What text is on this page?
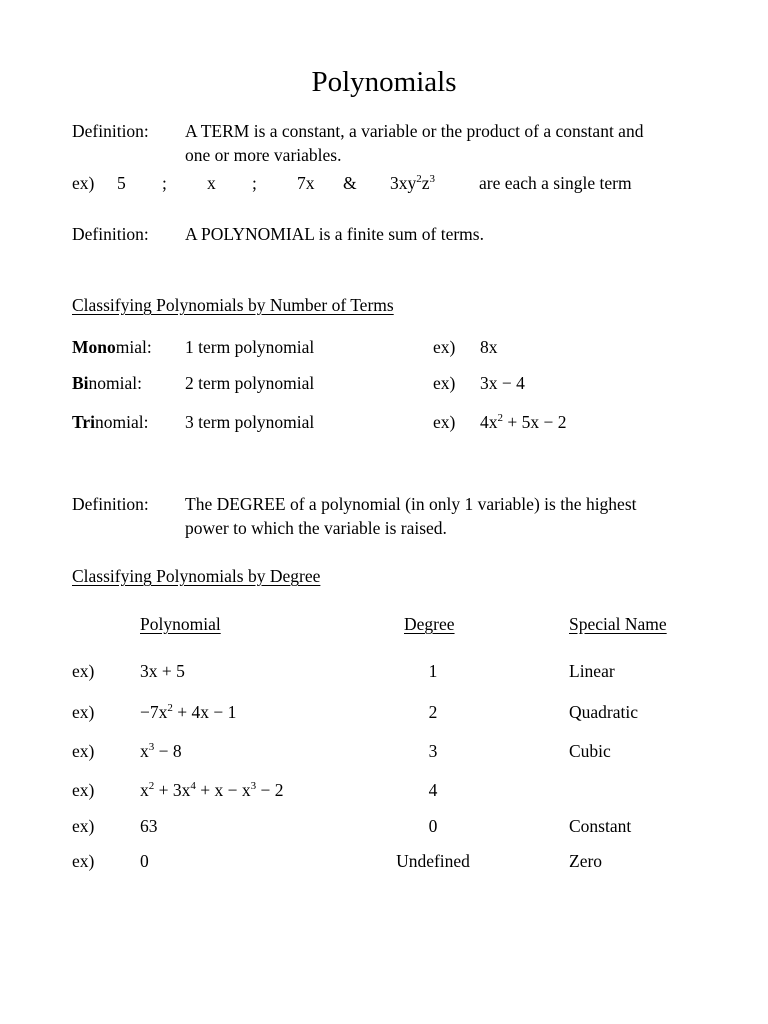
Polynomials
Definition: A TERM is a constant, a variable or the product of a constant and
one or more variables.
ex) 5 ; x ; 7x & $3xy^2z^3$	are each a single term
Definition: A POLYNOMIAL is a finite sum of terms.
Classifying Polynomials by Number of Terms
Monomial: 1 term polynomial	ex) 8x
Binomial: 2 term polynomial	ex) 3x − 4
Trinomial: 3 term polynomial	ex) $4x^2 + 5x - 2$
Definition: The DEGREE of a polynomial (in only 1 variable) is the highest
power to which the variable is raised.
Classifying Polynomials by Degree
Polynomial	Degree	Special Name
ex)	3x + 5	1	Linear
ex)	$-7x^2 + 4x - 1$	2	Quadratic
ex)	$x^3 - 8$	3	Cubic
ex)	$x^2 + 3x^4 + x - x^3 - 2$	4
ex)	63	0	Constant
ex)	0	Undefined	Zero
